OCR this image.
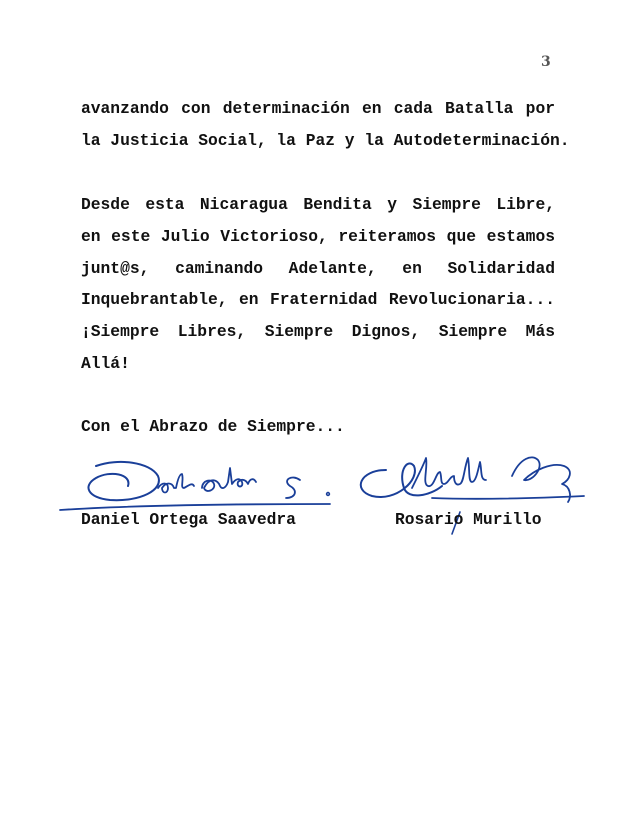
3
avanzando con determinación en cada Batalla por
la Justicia Social, la Paz y la Autodeterminación.
Desde esta Nicaragua Bendita y Siempre Libre,
en este Julio Victorioso, reiteramos que estamos
junt@s, caminando Adelante, en Solidaridad
Inquebrantable, en Fraternidad Revolucionaria...
¡Siempre Libres, Siempre Dignos, Siempre Más
Allá!
Con el Abrazo de Siempre...
Daniel Ortega Saavedra	Rosario Murillo
